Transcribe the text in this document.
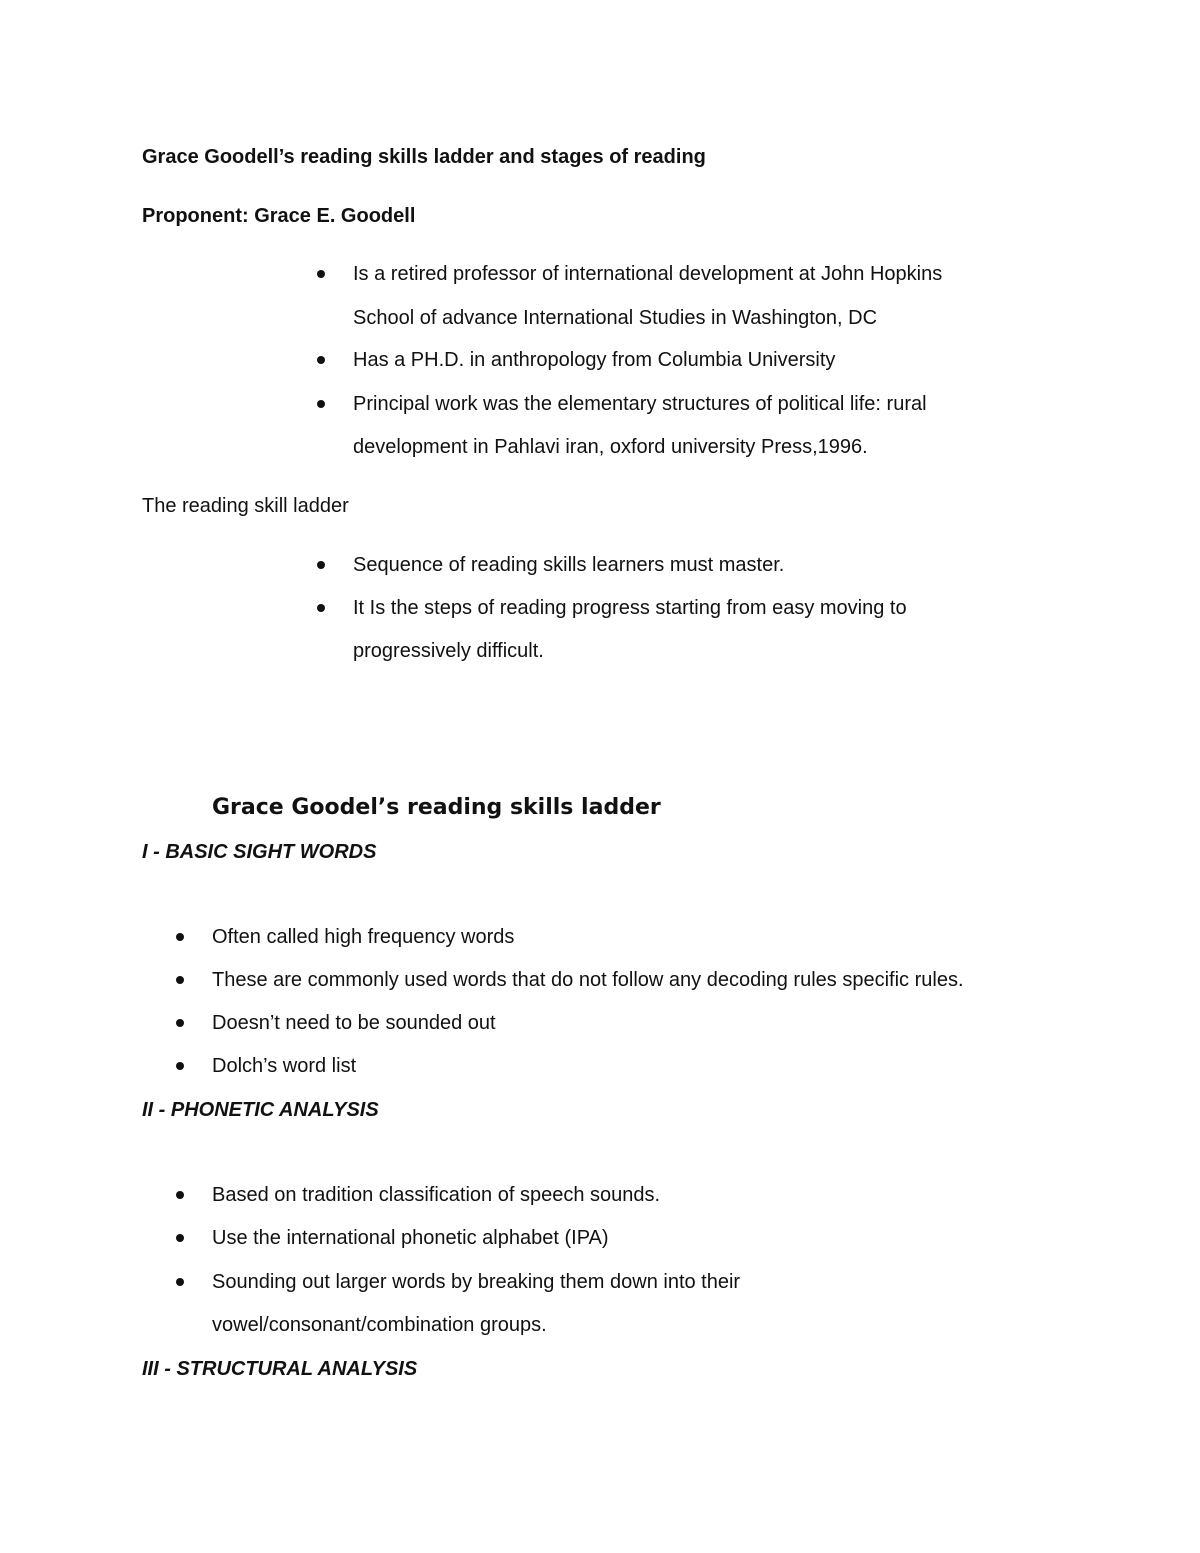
Grace Goodell’s reading skills ladder and stages of reading
Proponent: Grace E. Goodell
Is a retired professor of international development at John Hopkins
School of advance International Studies in Washington, DC
Has a PH.D. in anthropology from Columbia University
Principal work was the elementary structures of political life: rural
development in Pahlavi iran, oxford university Press,1996.
The reading skill ladder
Sequence of reading skills learners must master.
It Is the steps of reading progress starting from easy moving to
progressively difficult.
Grace Goodel’s reading skills ladder
I - BASIC SIGHT WORDS
Often called high frequency words
These are commonly used words that do not follow any decoding rules specific rules.
Doesn’t need to be sounded out
Dolch’s word list
II - PHONETIC ANALYSIS
Based on tradition classification of speech sounds.
Use the international phonetic alphabet (IPA)
Sounding out larger words by breaking them down into their
vowel/consonant/combination groups.
III - STRUCTURAL ANALYSIS
